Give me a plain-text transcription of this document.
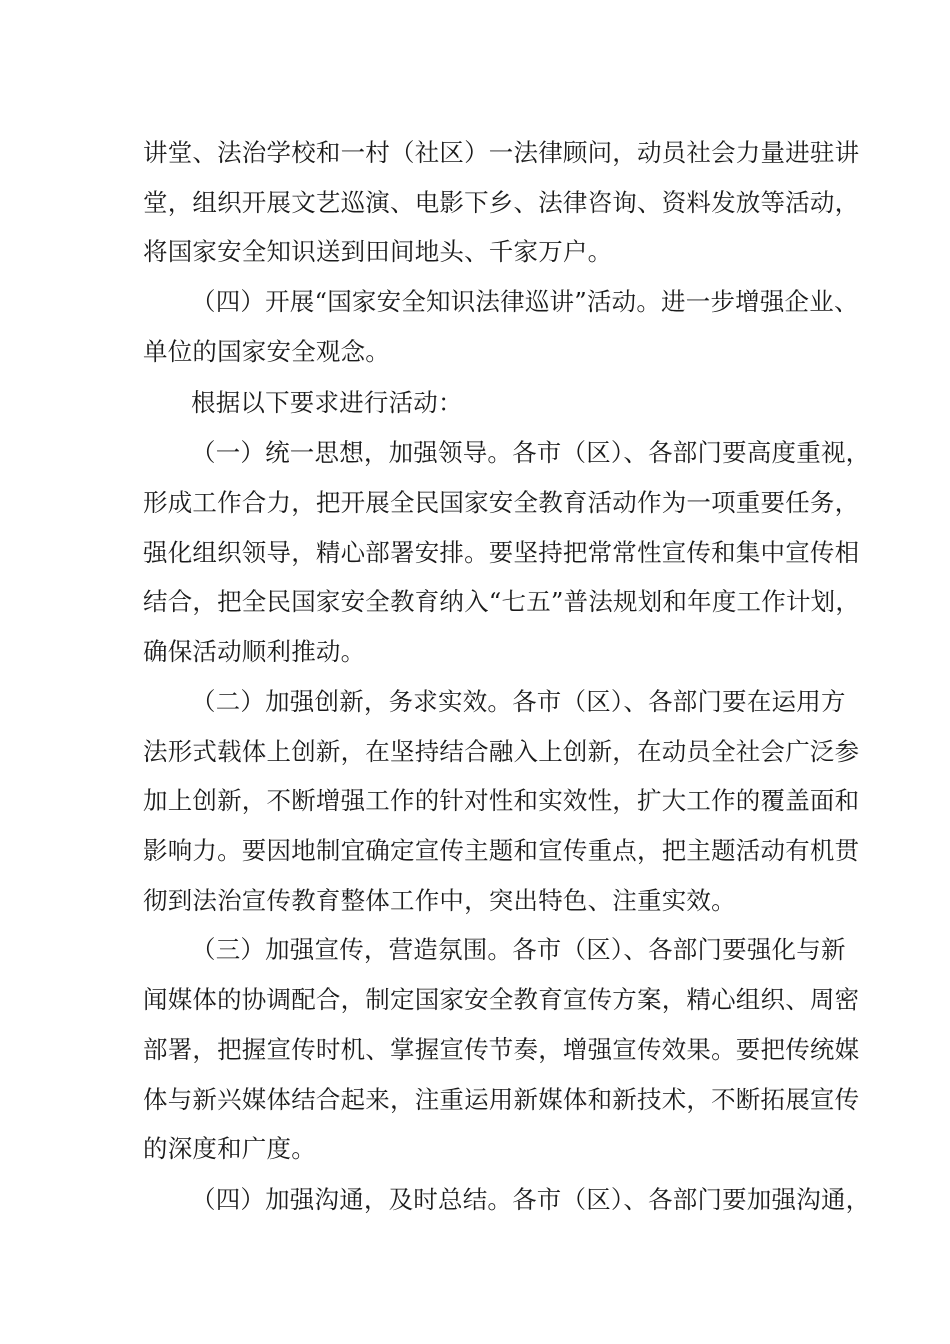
讲堂、法治学校和一村（社区）一法律顾问，动员社会力量进驻讲
堂，组织开展文艺巡演、电影下乡、法律咨询、资料发放等活动，
将国家安全知识送到田间地头、千家万户。
（四）开展“国家安全知识法律巡讲”活动。进一步增强企业、
单位的国家安全观念。
根据以下要求进行活动：
（一）统一思想，加强领导。各市（区）、各部门要高度重视，
形成工作合力，把开展全民国家安全教育活动作为一项重要任务，
强化组织领导，精心部署安排。要坚持把常常性宣传和集中宣传相
结合，把全民国家安全教育纳入“七五”普法规划和年度工作计划，
确保活动顺利推动。
（二）加强创新，务求实效。各市（区）、各部门要在运用方
法形式载体上创新，在坚持结合融入上创新，在动员全社会广泛参
加上创新，不断增强工作的针对性和实效性，扩大工作的覆盖面和
影响力。要因地制宜确定宣传主题和宣传重点，把主题活动有机贯
彻到法治宣传教育整体工作中，突出特色、注重实效。
（三）加强宣传，营造氛围。各市（区）、各部门要强化与新
闻媒体的协调配合，制定国家安全教育宣传方案，精心组织、周密
部署，把握宣传时机、掌握宣传节奏，增强宣传效果。要把传统媒
体与新兴媒体结合起来，注重运用新媒体和新技术，不断拓展宣传
的深度和广度。
（四）加强沟通，及时总结。各市（区）、各部门要加强沟通，
